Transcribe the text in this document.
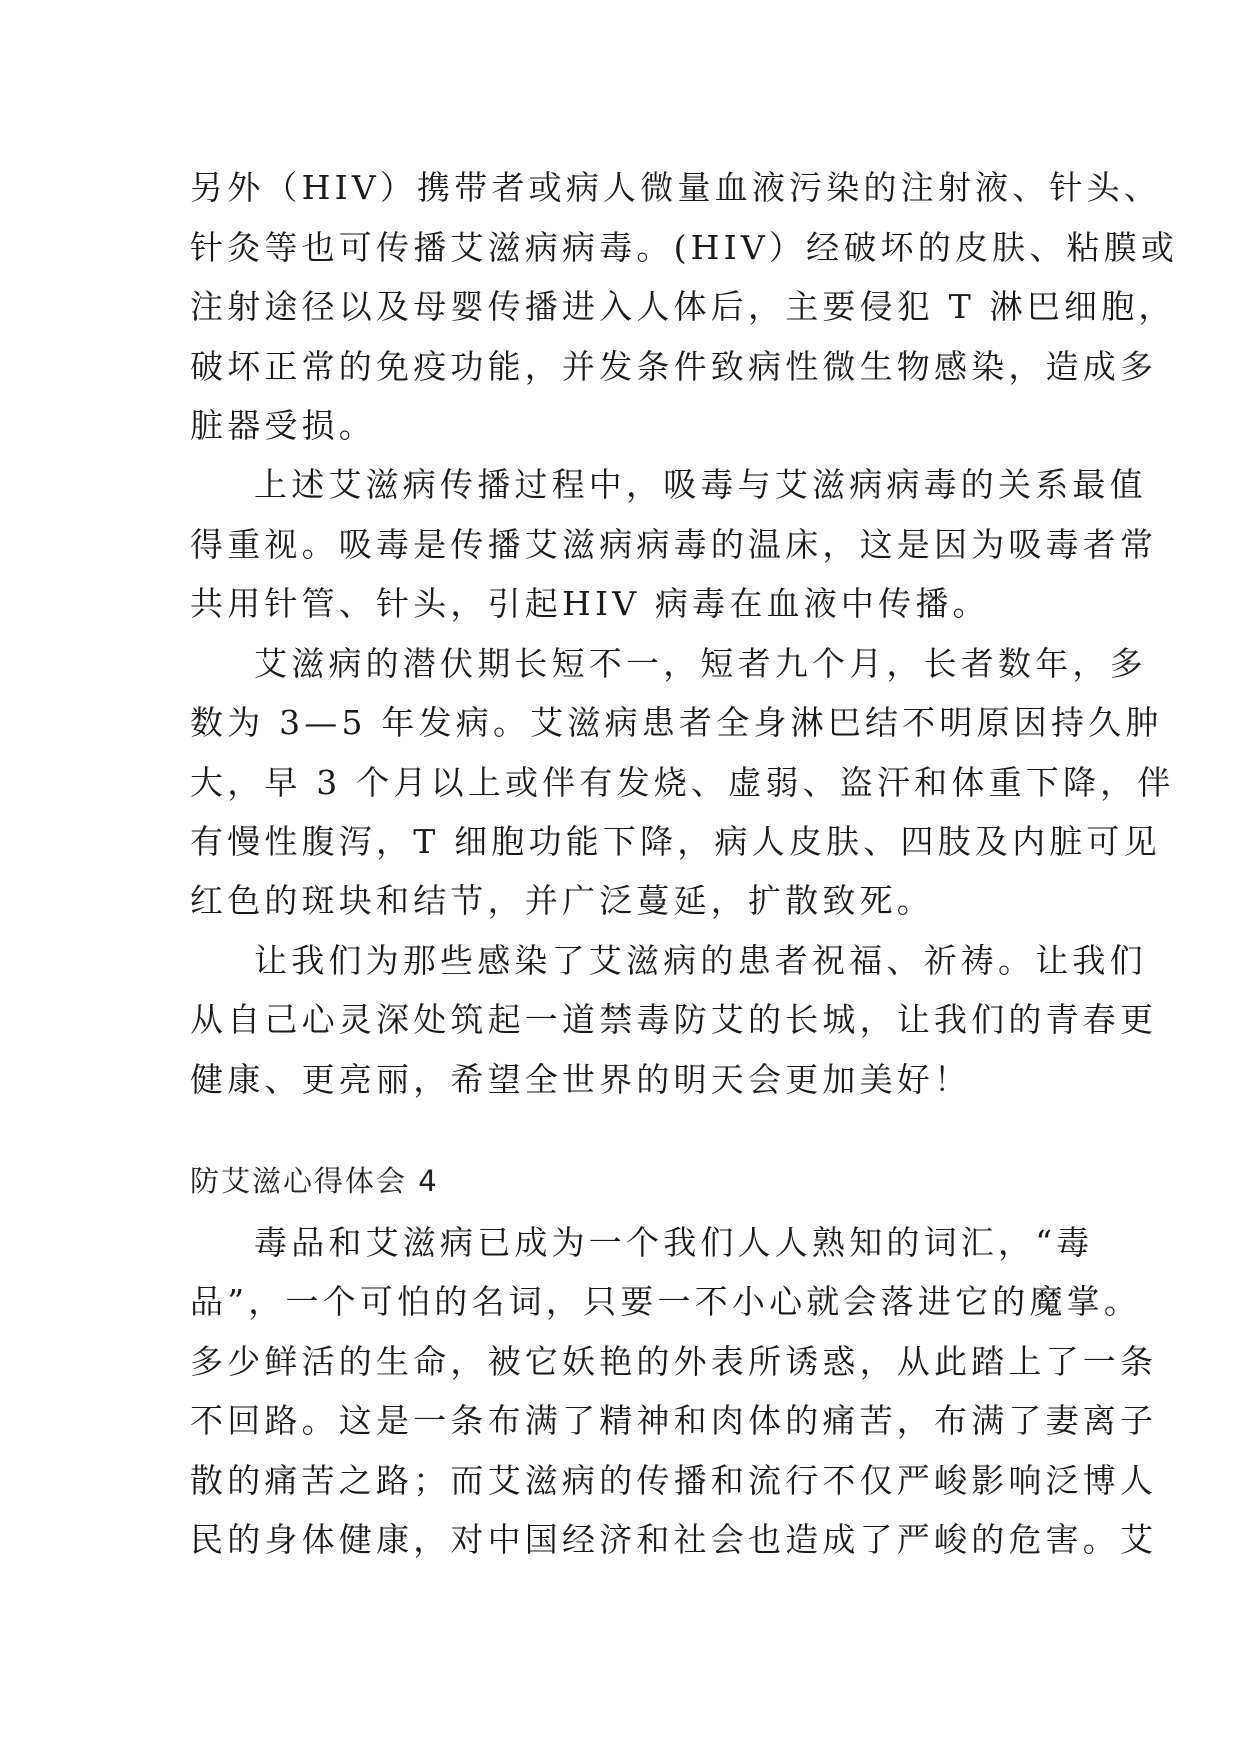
另外（HIV）携带者或病人微量血液污染的注射液、针头、
针灸等也可传播艾滋病病毒。(HIV）经破坏的皮肤、粘膜或
注射途径以及母婴传播进入人体后，主要侵犯 T 淋巴细胞，
破坏正常的免疫功能，并发条件致病性微生物感染，造成多
脏器受损。
上述艾滋病传播过程中，吸毒与艾滋病病毒的关系最值
得重视。吸毒是传播艾滋病病毒的温床，这是因为吸毒者常
共用针管、针头，引起HIV 病毒在血液中传播。
艾滋病的潜伏期长短不一，短者九个月，长者数年，多
数为 3—5 年发病。艾滋病患者全身淋巴结不明原因持久肿
大，早 3 个月以上或伴有发烧、虚弱、盗汗和体重下降，伴
有慢性腹泻，T 细胞功能下降，病人皮肤、四肢及内脏可见
红色的斑块和结节，并广泛蔓延，扩散致死。
让我们为那些感染了艾滋病的患者祝福、祈祷。让我们
从自己心灵深处筑起一道禁毒防艾的长城，让我们的青春更
健康、更亮丽，希望全世界的明天会更加美好！
防艾滋心得体会 4
毒品和艾滋病已成为一个我们人人熟知的词汇，“毒
品”，一个可怕的名词，只要一不小心就会落进它的魔掌。
多少鲜活的生命，被它妖艳的外表所诱惑，从此踏上了一条
不回路。这是一条布满了精神和肉体的痛苦，布满了妻离子
散的痛苦之路；而艾滋病的传播和流行不仅严峻影响泛博人
民的身体健康，对中国经济和社会也造成了严峻的危害。艾
